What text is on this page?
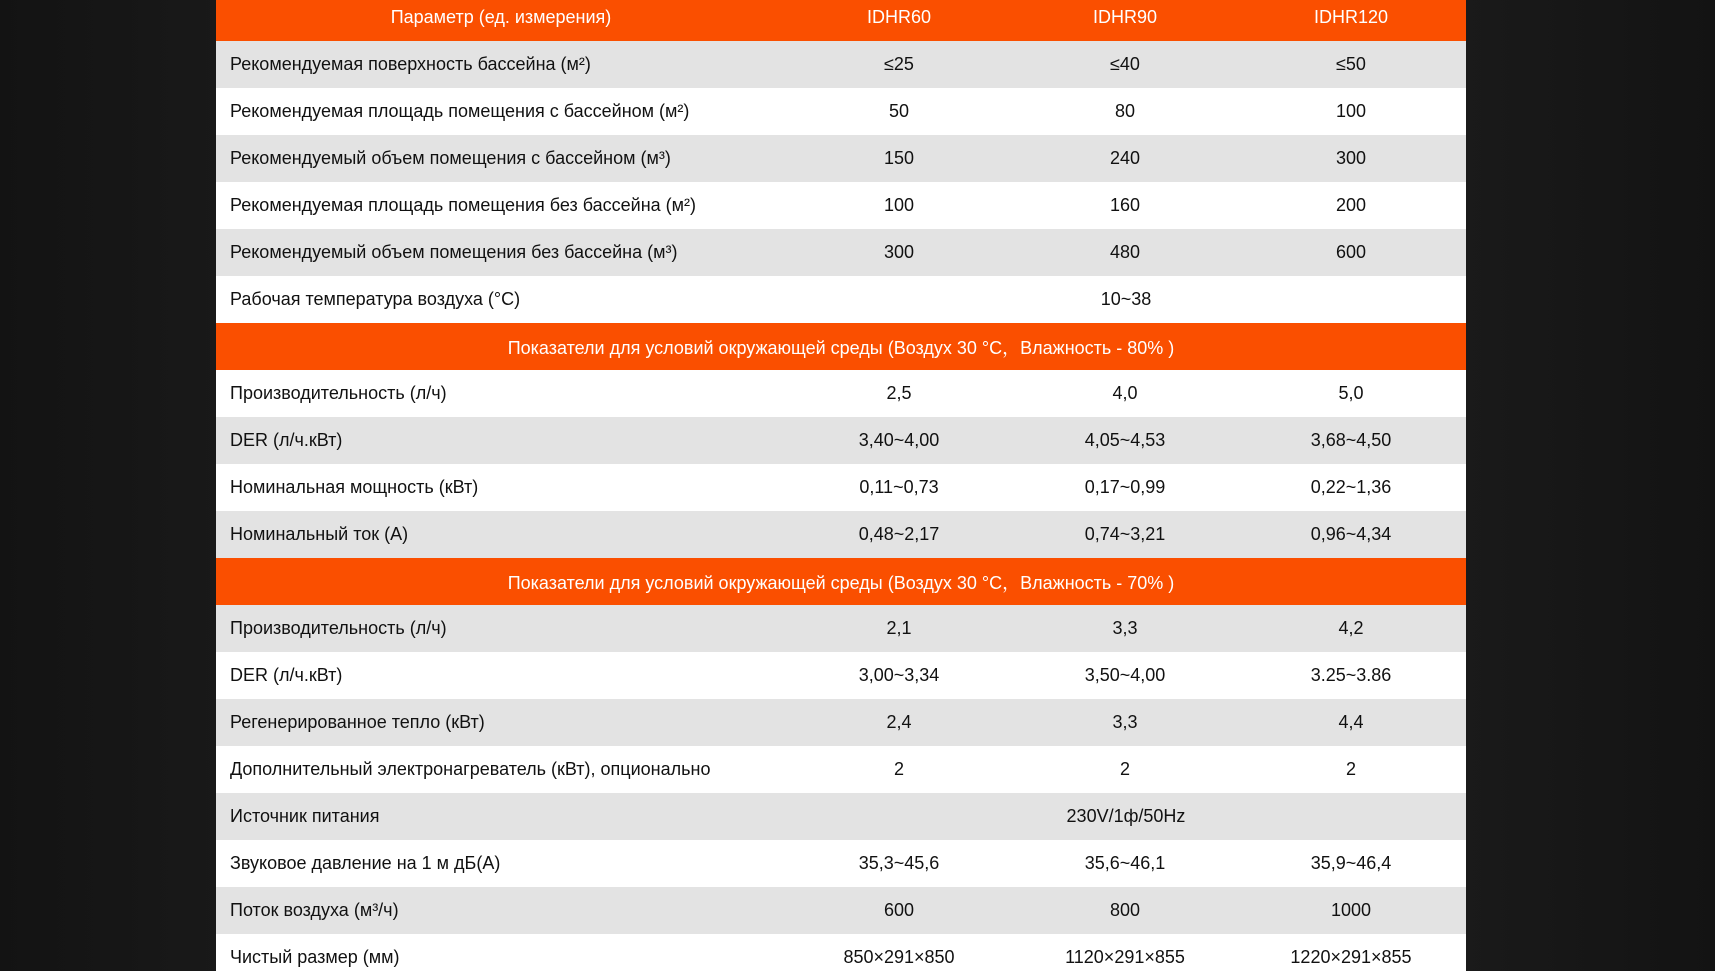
Параметр (ед. измерения)	IDHR60	IDHR90	IDHR120
Рекомендуемая поверхность бассейна (м²)	≤25	≤40	≤50
Рекомендуемая площадь помещения с бассейном (м²)	50	80	100
Рекомендуемый объем помещения с бассейном (м³)	150	240	300
Рекомендуемая площадь помещения без бассейна (м²)	100	160	200
Рекомендуемый объем помещения без бассейна (м³)	300	480	600
Рабочая температура воздуха (°C)	10~38
Показатели для условий окружающей среды (Воздух 30 °C，Влажность - 80% )
Производительность (л/ч)	2,5	4,0	5,0
DER (л/ч.кВт)	3,40~4,00	4,05~4,53	3,68~4,50
Номинальная мощность (кВт)	0,11~0,73	0,17~0,99	0,22~1,36
Номинальный ток (A)	0,48~2,17	0,74~3,21	0,96~4,34
Показатели для условий окружающей среды (Воздух 30 °C，Влажность - 70% )
Производительность (л/ч)	2,1	3,3	4,2
DER (л/ч.кВт)	3,00~3,34	3,50~4,00	3.25~3.86
Регенерированное тепло (кВт)	2,4	3,3	4,4
Дополнительный электронагреватель (кВт), опционально	2	2	2
Источник питания	230V/1ф/50Hz
Звуковое давление на 1 м дБ(A)	35,3~45,6	35,6~46,1	35,9~46,4
Поток воздуха (м³/ч)	600	800	1000
Чистый размер (мм)	850×291×850	1120×291×855	1220×291×855
